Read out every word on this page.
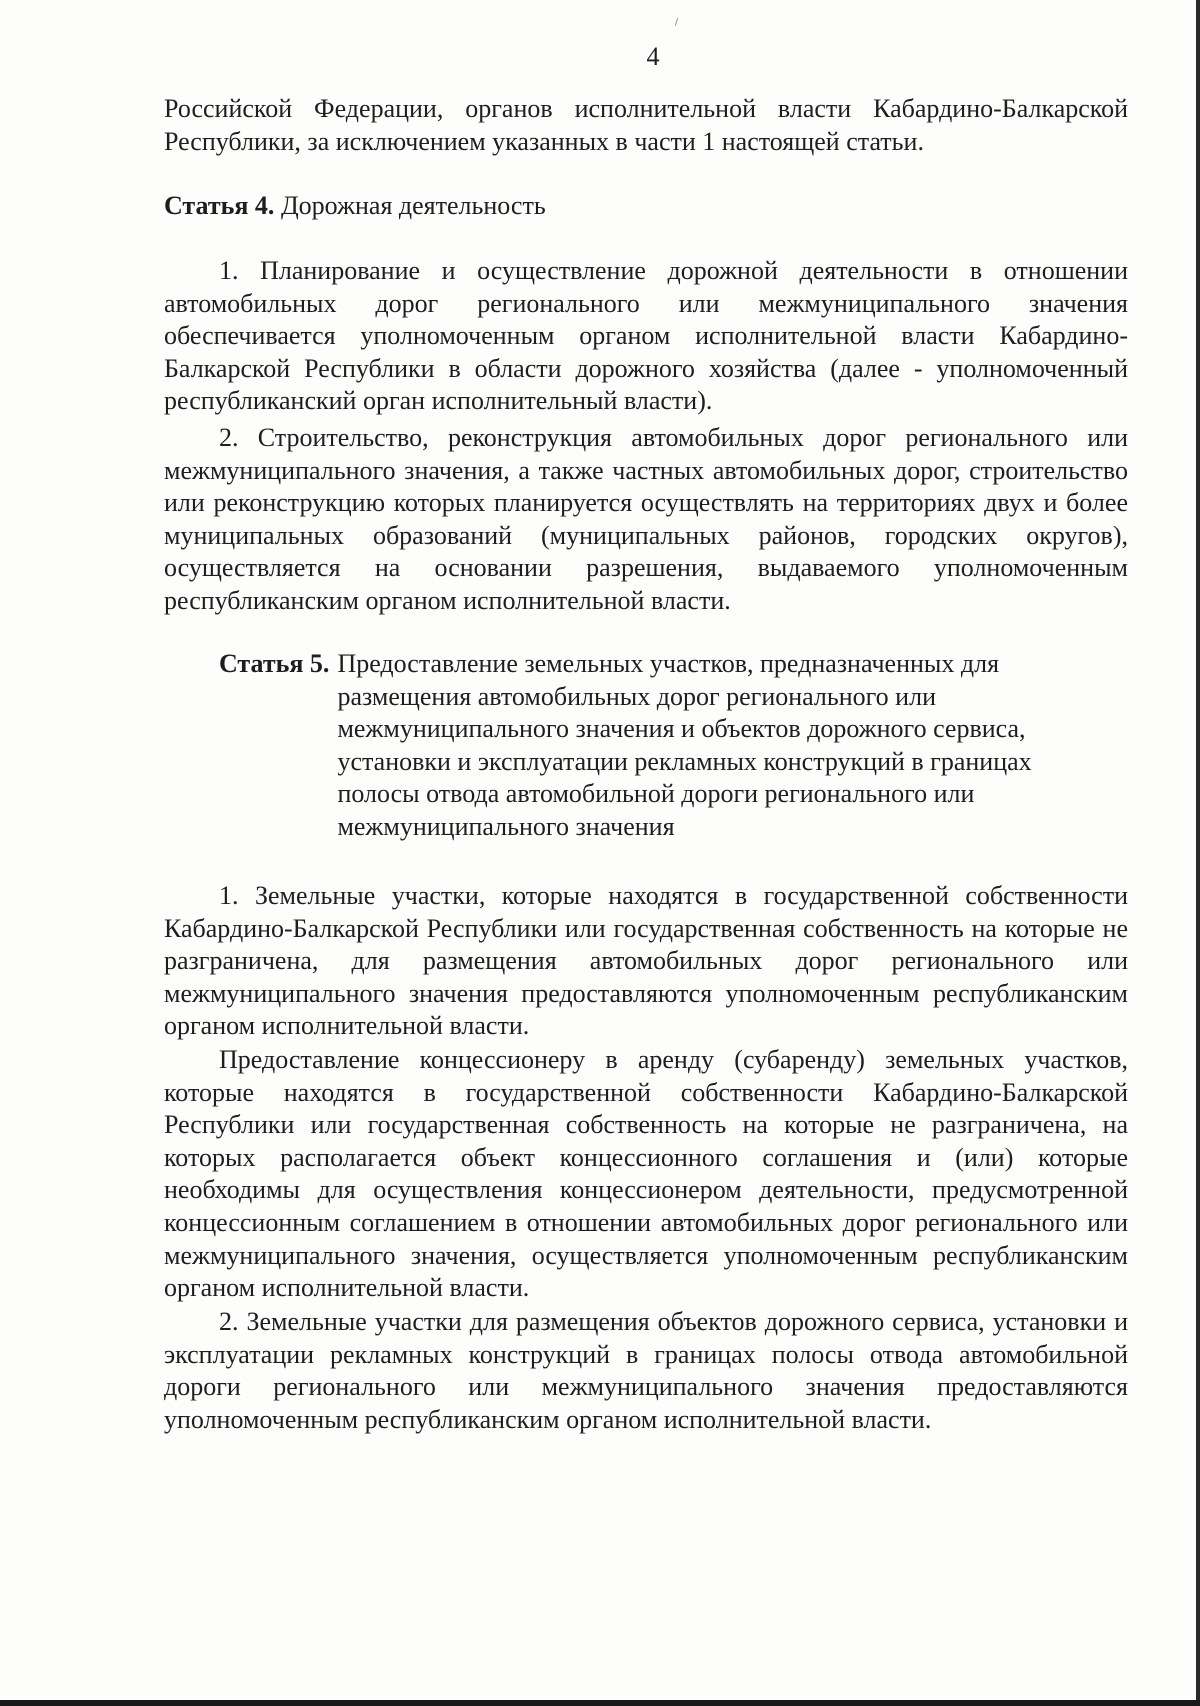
4
Российской Федерации, органов исполнительной власти Кабардино-Балкарской Республики, за исключением указанных в части 1 настоящей статьи.
Статья 4. Дорожная деятельность
1. Планирование и осуществление дорожной деятельности в отношении автомобильных дорог регионального или межмуниципального значения обеспечивается уполномоченным органом исполнительной власти Кабардино-Балкарской Республики в области дорожного хозяйства (далее - уполномоченный республиканский орган исполнительный власти).
2. Строительство, реконструкция автомобильных дорог регионального или межмуниципального значения, а также частных автомобильных дорог, строительство или реконструкцию которых планируется осуществлять на территориях двух и более муниципальных образований (муниципальных районов, городских округов), осуществляется на основании разрешения, выдаваемого уполномоченным республиканским органом исполнительной власти.
Статья 5. Предоставление земельных участков, предназначенных для размещения автомобильных дорог регионального или межмуниципального значения и объектов дорожного сервиса, установки и эксплуатации рекламных конструкций в границах полосы отвода автомобильной дороги регионального или межмуниципального значения
1. Земельные участки, которые находятся в государственной собственности Кабардино-Балкарской Республики или государственная собственность на которые не разграничена, для размещения автомобильных дорог регионального или межмуниципального значения предоставляются уполномоченным республиканским органом исполнительной власти.
Предоставление концессионеру в аренду (субаренду) земельных участков, которые находятся в государственной собственности Кабардино-Балкарской Республики или государственная собственность на которые не разграничена, на которых располагается объект концессионного соглашения и (или) которые необходимы для осуществления концессионером деятельности, предусмотренной концессионным соглашением в отношении автомобильных дорог регионального или межмуниципального значения, осуществляется уполномоченным республиканским органом исполнительной власти.
2. Земельные участки для размещения объектов дорожного сервиса, установки и эксплуатации рекламных конструкций в границах полосы отвода автомобильной дороги регионального или межмуниципального значения предоставляются уполномоченным республиканским органом исполнительной власти.
